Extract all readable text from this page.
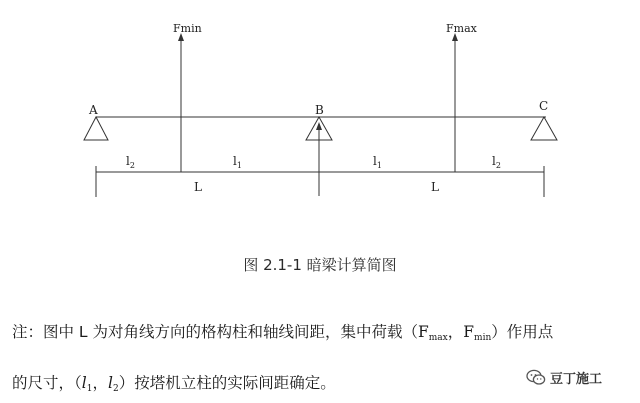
A	B	C
Fmin	Fmax
$l_2$	$l_1$	$l_1$	$l_2$
L	L
图 2.1-1 暗梁计算简图
注：图中 L 为对角线方向的格构柱和轴线间距，集中荷载（Fmax，Fmin）作用点
的尺寸，（l1，l2）按塔机立柱的实际间距确定。	豆丁施工
